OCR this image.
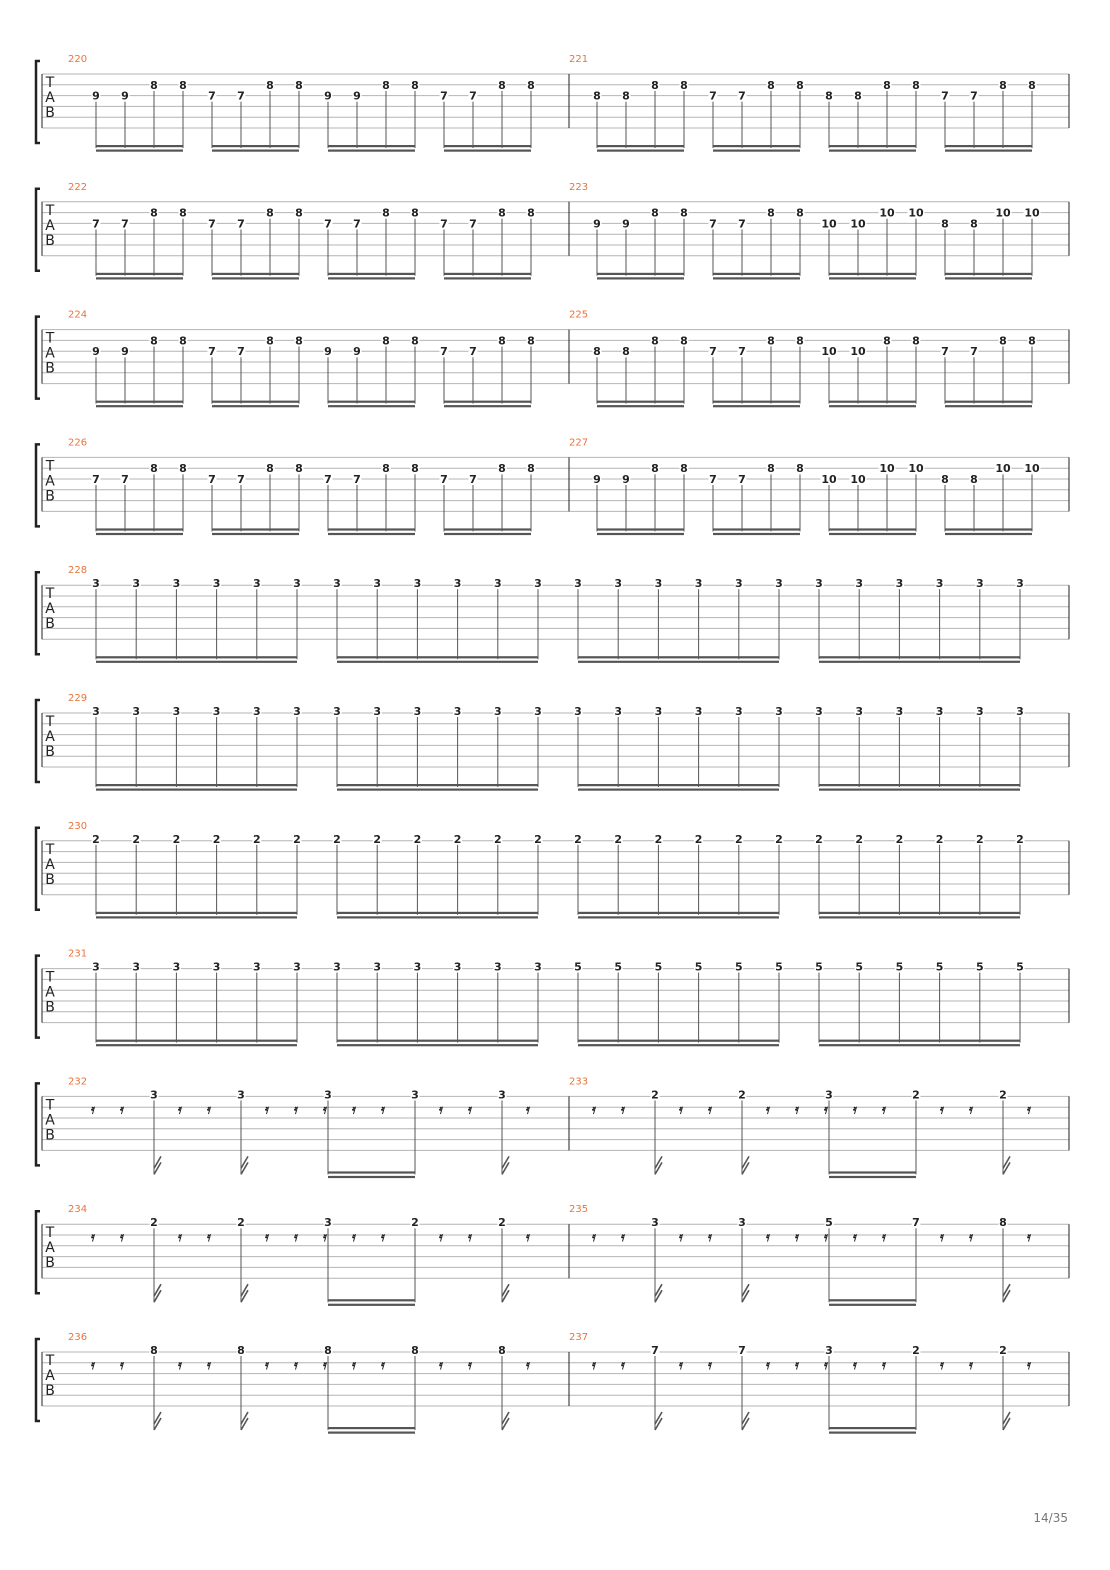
T
A
B
220
9 9
8 8
7 7
8 8
9 9
8 8
7 7
8 8
221
8 8
8 8
7 7
8 8
8 8
8 8
7 7
8 8
T
A
B
222
7 7
8 8
7 7
8 8
7 7
8 8
7 7
8 8
223
9 9
8 8
7 7
8 8
10 10
10 10
8 8
10 10
T
A
B
224
9 9
8 8
7 7
8 8
9 9
8 8
7 7
8 8
225
8 8
8 8
7 7
8 8
10 10
8 8
7 7
8 8
T
A
B
226
7 7
8 8
7 7
8 8
7 7
8 8
7 7
8 8
227
9 9
8 8
7 7
8 8
10 10
10 10
8 8
10 10
T
A
B
228
3	3	3	3	3	3	3	3	3	3	3	3	3	3	3	3	3	3	3	3	3	3	3	3
T
A
B
229
3	3	3	3	3	3	3	3	3	3	3	3	3	3	3	3	3	3	3	3	3	3	3	3
T
A
B
230
2	2	2	2	2	2	2	2	2	2	2	2	2	2	2	2	2	2	2	2	2	2	2	2
T
A
B
231
3	3	3	3	3	3	3	3	3	3	3	3	5	5	5	5	5	5	5	5	5	5	5	5
T
A
B
232
𝄿 𝄿	𝄿 𝄿	𝄿 𝄿	𝄿 𝄿	𝄿 𝄿
𝄿	𝄿
3	3	3	3	3
233
𝄿 𝄿	𝄿 𝄿	𝄿 𝄿	𝄿 𝄿	𝄿 𝄿
𝄿	𝄿
2	2	3	2	2
T
A
B
234
𝄿 𝄿	𝄿 𝄿	𝄿 𝄿	𝄿 𝄿	𝄿 𝄿
𝄿	𝄿
2	2	3	2	2
235
𝄿 𝄿	𝄿 𝄿	𝄿 𝄿	𝄿 𝄿	𝄿 𝄿
𝄿	𝄿
3	3	5	7	8
T
A
B
236
𝄿 𝄿	𝄿 𝄿	𝄿 𝄿	𝄿 𝄿	𝄿 𝄿
𝄿	𝄿
8	8	8	8	8
237
𝄿 𝄿	𝄿 𝄿	𝄿 𝄿	𝄿 𝄿	𝄿 𝄿
𝄿	𝄿
7	7	3	2	2
14/35
